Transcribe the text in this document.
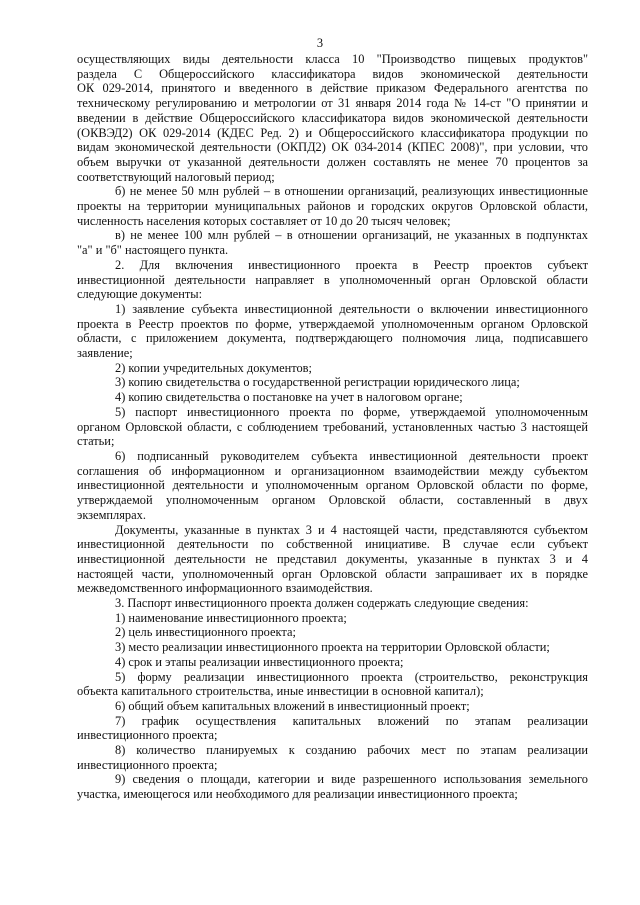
3
осуществляющих виды деятельности класса 10 "Производство пищевых продуктов"
раздела С Общероссийского классификатора видов экономической деятельности
ОК 029-2014, принятого и введенного в действие приказом Федерального агентства по
техническому регулированию и метрологии от 31 января 2014 года № 14-ст "О принятии и
введении в действие Общероссийского классификатора видов экономической деятельности
(ОКВЭД2) ОК 029-2014 (КДЕС Ред. 2) и Общероссийского классификатора продукции по
видам экономической деятельности (ОКПД2) ОК 034-2014 (КПЕС 2008)", при условии, что
объем выручки от указанной деятельности должен составлять не менее 70 процентов за
соответствующий налоговый период;
б) не менее 50 млн рублей – в отношении организаций, реализующих инвестиционные
проекты на территории муниципальных районов и городских округов Орловской области,
численность населения которых составляет от 10 до 20 тысяч человек;
в) не менее 100 млн рублей – в отношении организаций, не указанных в подпунктах
"а" и "б" настоящего пункта.
2. Для включения инвестиционного проекта в Реестр проектов субъект
инвестиционной деятельности направляет в уполномоченный орган Орловской области
следующие документы:
1) заявление субъекта инвестиционной деятельности о включении инвестиционного
проекта в Реестр проектов по форме, утверждаемой уполномоченным органом Орловской
области, с приложением документа, подтверждающего полномочия лица, подписавшего
заявление;
2) копии учредительных документов;
3) копию свидетельства о государственной регистрации юридического лица;
4) копию свидетельства о постановке на учет в налоговом органе;
5) паспорт инвестиционного проекта по форме, утверждаемой уполномоченным
органом Орловской области, с соблюдением требований, установленных частью 3 настоящей
статьи;
6) подписанный руководителем субъекта инвестиционной деятельности проект
соглашения об информационном и организационном взаимодействии между субъектом
инвестиционной деятельности и уполномоченным органом Орловской области по форме,
утверждаемой уполномоченным органом Орловской области, составленный в двух
экземплярах.
Документы, указанные в пунктах 3 и 4 настоящей части, представляются субъектом
инвестиционной деятельности по собственной инициативе. В случае если субъект
инвестиционной деятельности не представил документы, указанные в пунктах 3 и 4
настоящей части, уполномоченный орган Орловской области запрашивает их в порядке
межведомственного информационного взаимодействия.
3. Паспорт инвестиционного проекта должен содержать следующие сведения:
1) наименование инвестиционного проекта;
2) цель инвестиционного проекта;
3) место реализации инвестиционного проекта на территории Орловской области;
4) срок и этапы реализации инвестиционного проекта;
5) форму реализации инвестиционного проекта (строительство, реконструкция
объекта капитального строительства, иные инвестиции в основной капитал);
6) общий объем капитальных вложений в инвестиционный проект;
7) график осуществления капитальных вложений по этапам реализации
инвестиционного проекта;
8) количество планируемых к созданию рабочих мест по этапам реализации
инвестиционного проекта;
9) сведения о площади, категории и виде разрешенного использования земельного
участка, имеющегося или необходимого для реализации инвестиционного проекта;
